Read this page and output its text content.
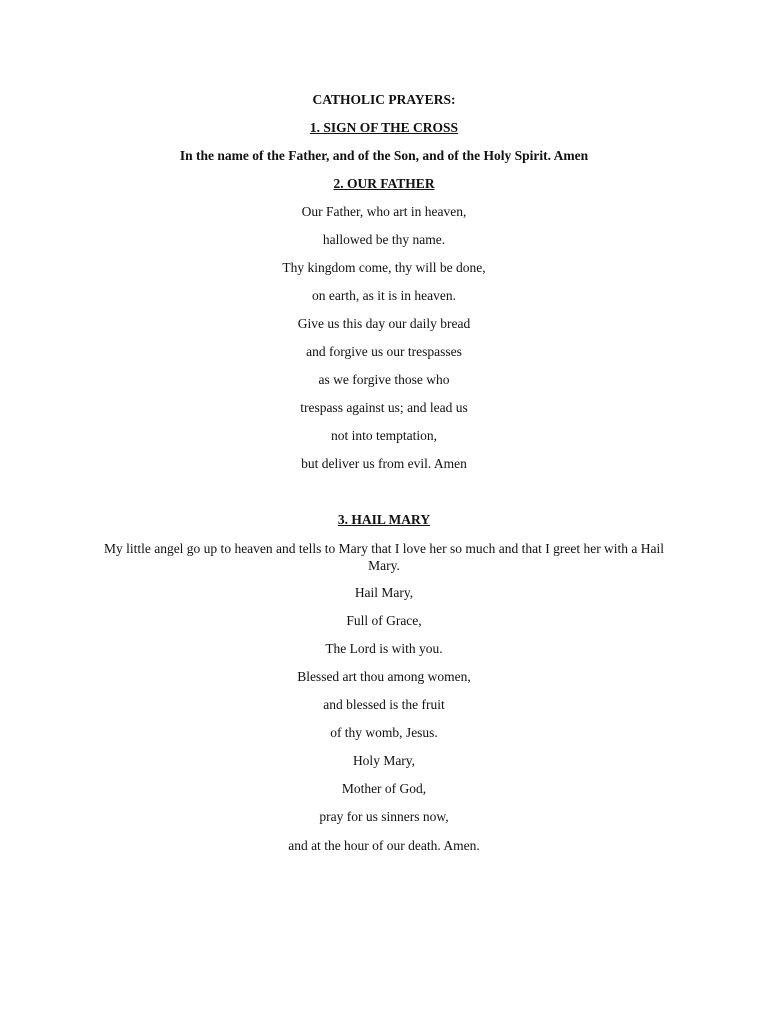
CATHOLIC PRAYERS:
1. SIGN OF THE CROSS
In the name of the Father, and of the Son, and of the Holy Spirit. Amen
2. OUR FATHER
Our Father, who art in heaven,
hallowed be thy name.
Thy kingdom come, thy will be done,
on earth, as it is in heaven.
Give us this day our daily bread
and forgive us our trespasses
as we forgive those who
trespass against us; and lead us
not into temptation,
but deliver us from evil. Amen
3. HAIL MARY
My little angel go up to heaven and tells to Mary that I love her so much and that I greet her with a Hail Mary.
Hail Mary,
Full of Grace,
The Lord is with you.
Blessed art thou among women,
and blessed is the fruit
of thy womb, Jesus.
Holy Mary,
Mother of God,
pray for us sinners now,
and at the hour of our death. Amen.
